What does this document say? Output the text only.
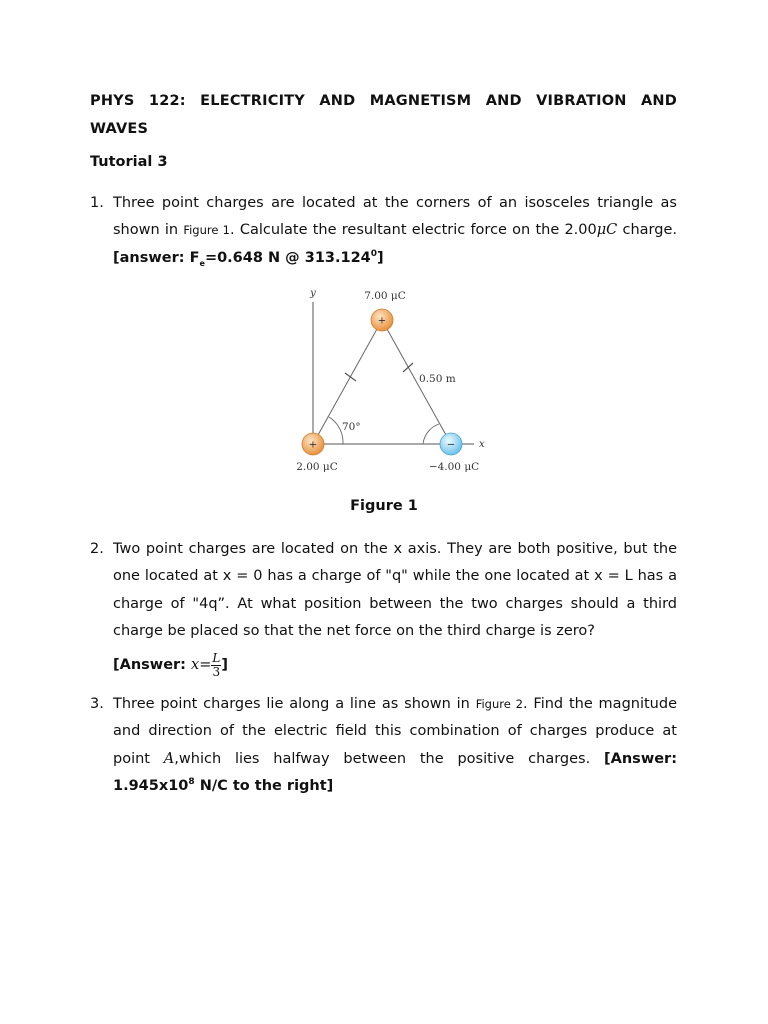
PHYS 122: ELECTRICITY AND MAGNETISM AND VIBRATION AND
WAVES
Tutorial 3
1. Three point charges are located at the corners of an isosceles triangle as shown in Figure 1. Calculate the resultant electric force on the 2.00μC charge. [answer: $F_e=0.648$ N @ $313.124^0$]
+
+	−
y
x
7.00 μC
2.00 μC	−4.00 μC
0.50 m
70°
Figure 1
2. Two point charges are located on the x axis. They are both positive, but the one located at x = 0 has a charge of "q" while the one located at x = L has a charge of "4q”. At what position between the two charges should a third charge be placed so that the net force on the third charge is zero?
[Answer: $x= \frac{L}{3}$ ]
3. Three point charges lie along a line as shown in Figure 2. Find the magnitude and direction of the electric field this combination of charges produce at point A,which lies halfway between the positive charges. [Answer: $1.945x10^8$ N/C to the right]
